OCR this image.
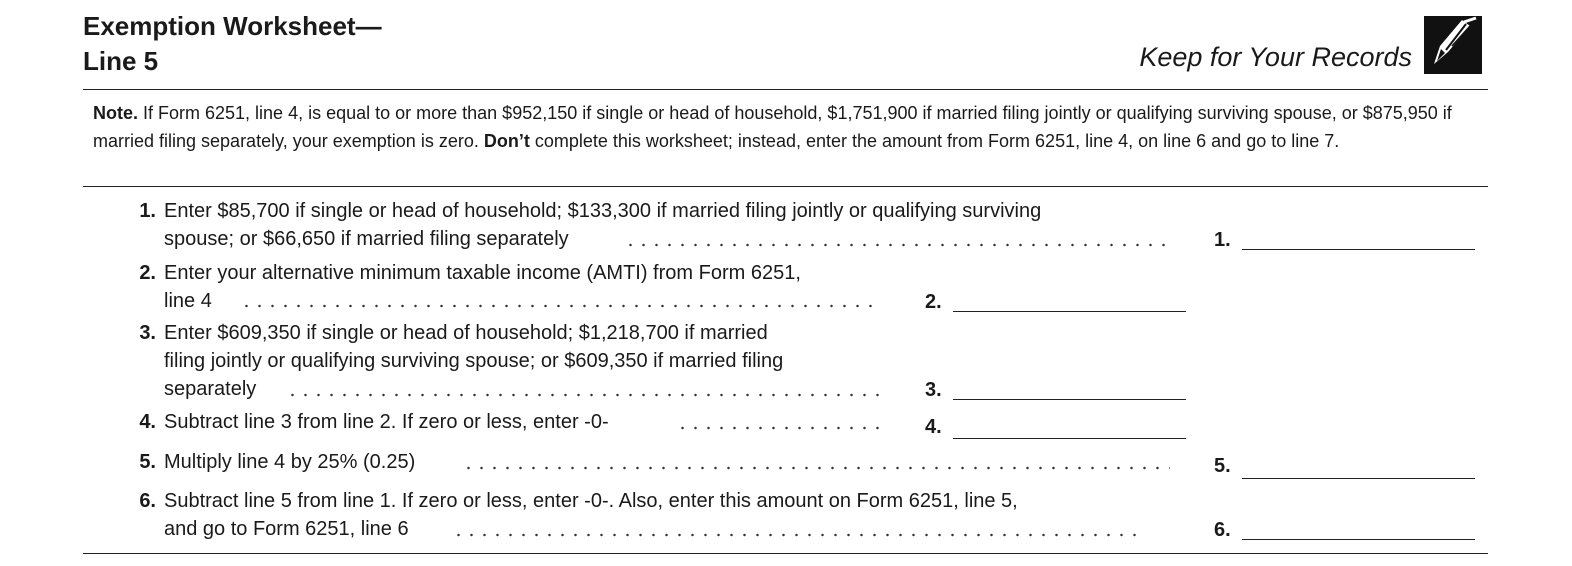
Exemption Worksheet—
Line 5	Keep for Your Records
Note. If Form 6251, line 4, is equal to or more than $952,150 if single or head of household, $1,751,900 if married filing jointly or qualifying surviving spouse, or $875,950 if married filing separately, your exemption is zero. Don’t complete this worksheet; instead, enter the amount from Form 6251, line 4, on line 6 and go to line 7.
1. Enter $85,700 if single or head of household; $133,300 if married filing jointly or qualifying surviving
spouse; or $66,650 if married filing separately	1.
2. Enter your alternative minimum taxable income (AMTI) from Form 6251,
line 4	2.
3. Enter $609,350 if single or head of household; $1,218,700 if married
filing jointly or qualifying surviving spouse; or $609,350 if married filing
separately	3.
4. Subtract line 3 from line 2. If zero or less, enter -0-	4.
5. Multiply line 4 by 25% (0.25)	5.
6. Subtract line 5 from line 1. If zero or less, enter -0-. Also, enter this amount on Form 6251, line 5,
and go to Form 6251, line 6	6.
